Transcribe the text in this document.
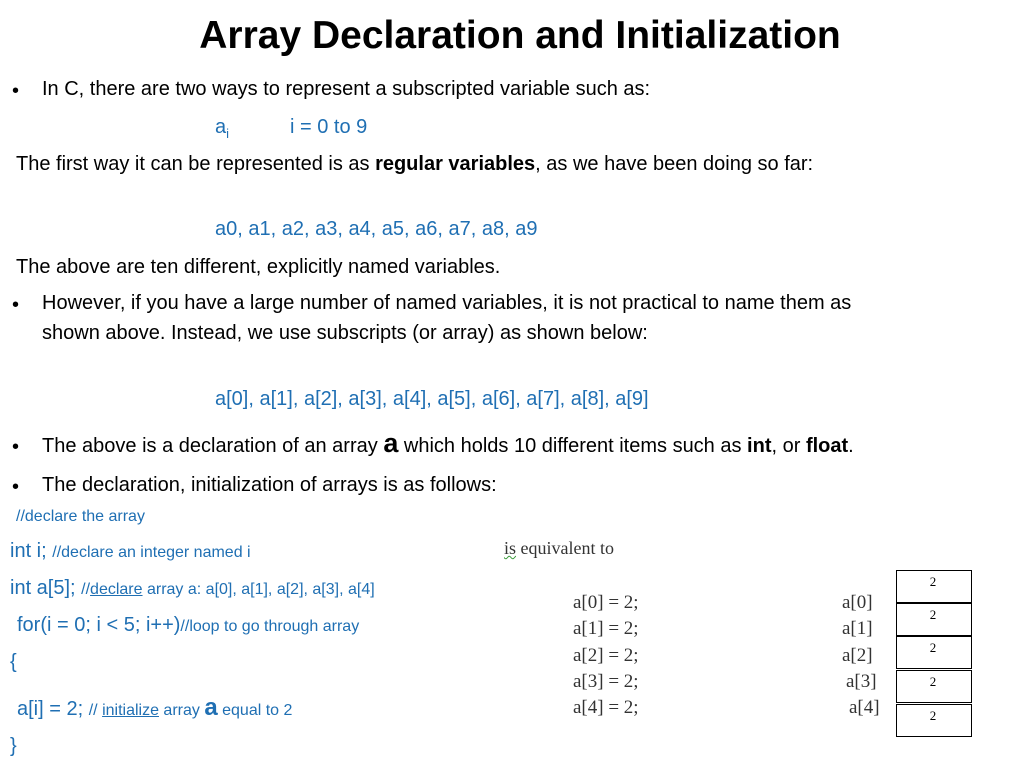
Array Declaration and Initialization
• In C, there are two ways to represent a subscripted variable such as:
$a_i$	i = 0 to 9
The first way it can be represented is as regular variables, as we have been doing so far:
a0, a1, a2, a3, a4, a5, a6, a7, a8, a9
The above are ten different, explicitly named variables.
• However, if you have a large number of named variables, it is not practical to name them as
shown above. Instead, we use subscripts (or array) as shown below:
a[0], a[1], a[2], a[3], a[4], a[5], a[6], a[7], a[8], a[9]
• The above is a declaration of an array a which holds 10 different items such as int, or float.
• The declaration, initialization of arrays is as follows:
//declare the array
int i; //declare an integer named i
int a[5]; //declare array a: a[0], a[1], a[2], a[3], a[4]
for(i = 0; i < 5; i++)//loop to go through array
{
a[i] = 2; // initialize array a equal to 2
}
is equivalent to
a[0] = 2;
a[1] = 2;
a[2] = 2;
a[3] = 2;
a[4] = 2;
a[0]
a[1]
a[2]
a[3]
a[4]
2
2
2
2
2
